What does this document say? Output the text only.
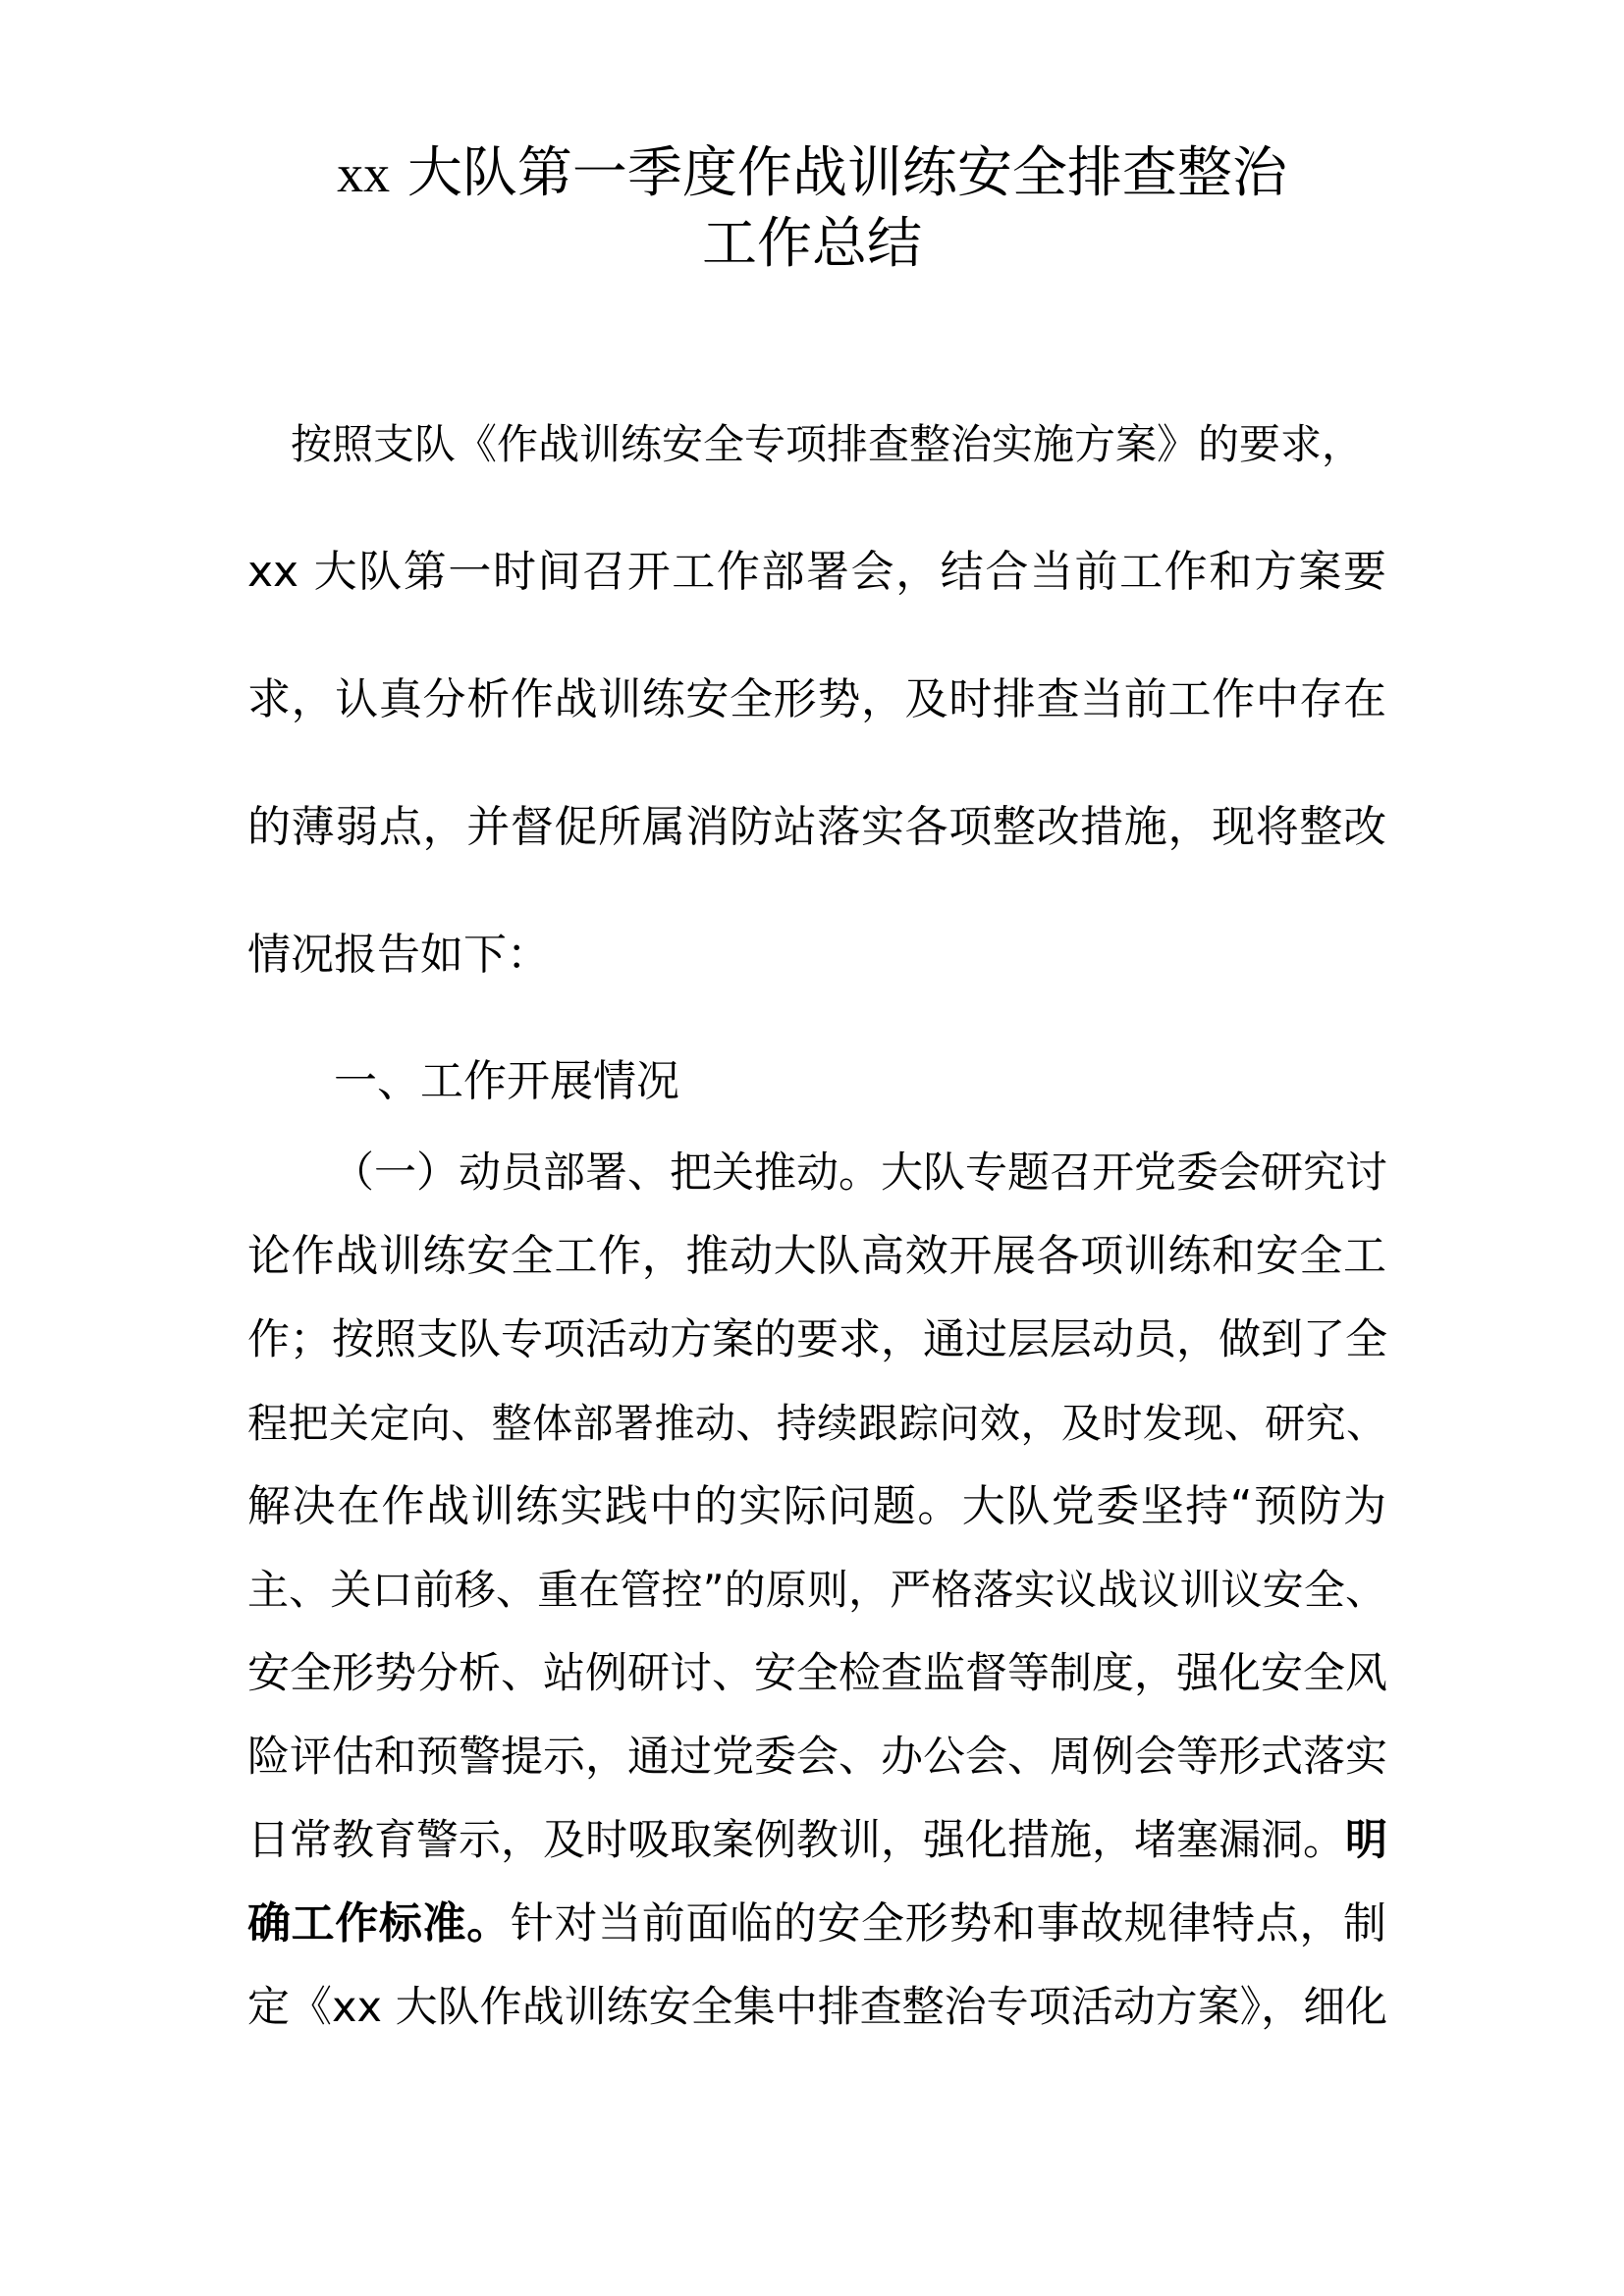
xx 大队第一季度作战训练安全排查整治
工作总结
按照支队《作战训练安全专项排查整治实施方案》的要求，
xx 大队第一时间召开工作部署会，结合当前工作和方案要
求，认真分析作战训练安全形势，及时排查当前工作中存在
的薄弱点，并督促所属消防站落实各项整改措施，现将整改
情况报告如下：
一、工作开展情况
（一）动员部署、把关推动。大队专题召开党委会研究讨
论作战训练安全工作，推动大队高效开展各项训练和安全工
作；按照支队专项活动方案的要求，通过层层动员，做到了全
程把关定向、整体部署推动、持续跟踪问效，及时发现、研究、
解决在作战训练实践中的实际问题。大队党委坚持“预防为
主、关口前移、重在管控”的原则，严格落实议战议训议安全、
安全形势分析、站例研讨、安全检查监督等制度，强化安全风
险评估和预警提示，通过党委会、办公会、周例会等形式落实
日常教育警示，及时吸取案例教训，强化措施，堵塞漏洞。明
确工作标准。针对当前面临的安全形势和事故规律特点，制
定《xx 大队作战训练安全集中排查整治专项活动方案》，细化
